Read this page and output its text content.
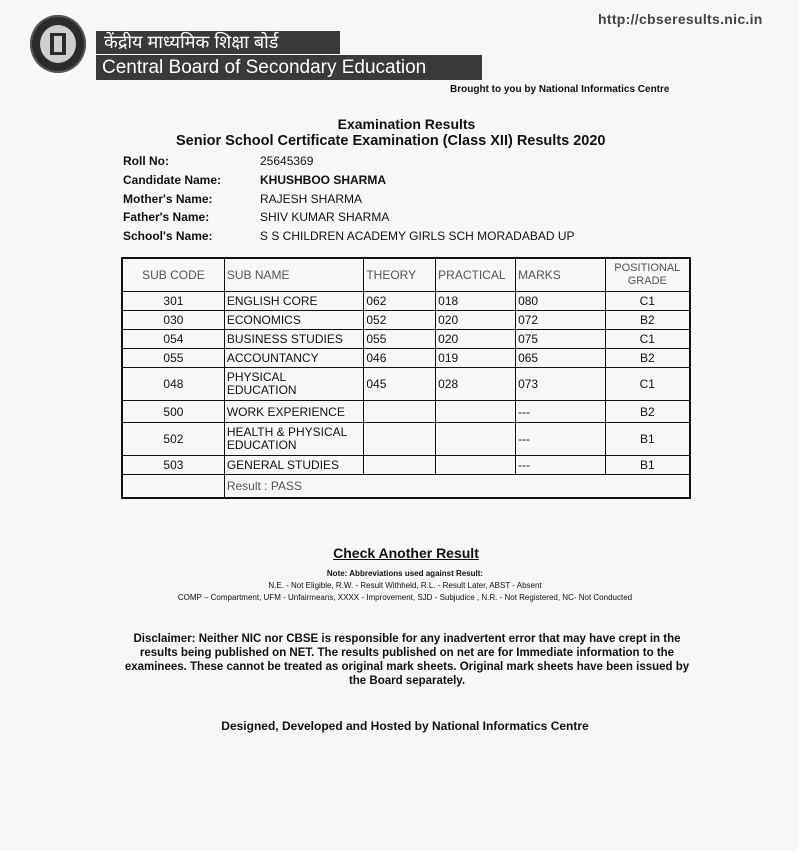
केंद्रीय माध्यमिक शिक्षा बोर्ड
Central Board of Secondary Education
http://cbseresults.nic.in
Brought to you by National Informatics Centre
Examination Results
Senior School Certificate Examination (Class XII) Results 2020
Roll No:	25645369
Candidate Name:	KHUSHBOO SHARMA
Mother's Name:	RAJESH SHARMA
Father's Name:	SHIV KUMAR SHARMA
School's Name:	S S CHILDREN ACADEMY GIRLS SCH MORADABAD UP
SUB CODE	SUB NAME	THEORY	PRACTICAL	MARKS	POSITIONAL
GRADE
301	ENGLISH CORE	062	018	080	C1
030	ECONOMICS	052	020	072	B2
054	BUSINESS STUDIES	055	020	075	C1
055	ACCOUNTANCY	046	019	065	B2
048	PHYSICAL
EDUCATION	045	028	073	C1
500	WORK EXPERIENCE			---	B2
502	HEALTH & PHYSICAL
EDUCATION			---	B1
503	GENERAL STUDIES			---	B1
	Result : PASS				
Check Another Result
Note: Abbreviations used against Result:
N.E. - Not Eligible, R.W. - Result Withheld, R.L. - Result Later, ABST - Absent
COMP – Compartment, UFM - Unfairmeans, XXXX - Improvement, SJD - Subjudice , N.R. - Not Registered, NC- Not Conducted
Disclaimer: Neither NIC nor CBSE is responsible for any inadvertent error that may have crept in the results being published on NET. The results published on net are for Immediate information to the examinees. These cannot be treated as original mark sheets. Original mark sheets have been issued by the Board separately.
Designed, Developed and Hosted by National Informatics Centre
